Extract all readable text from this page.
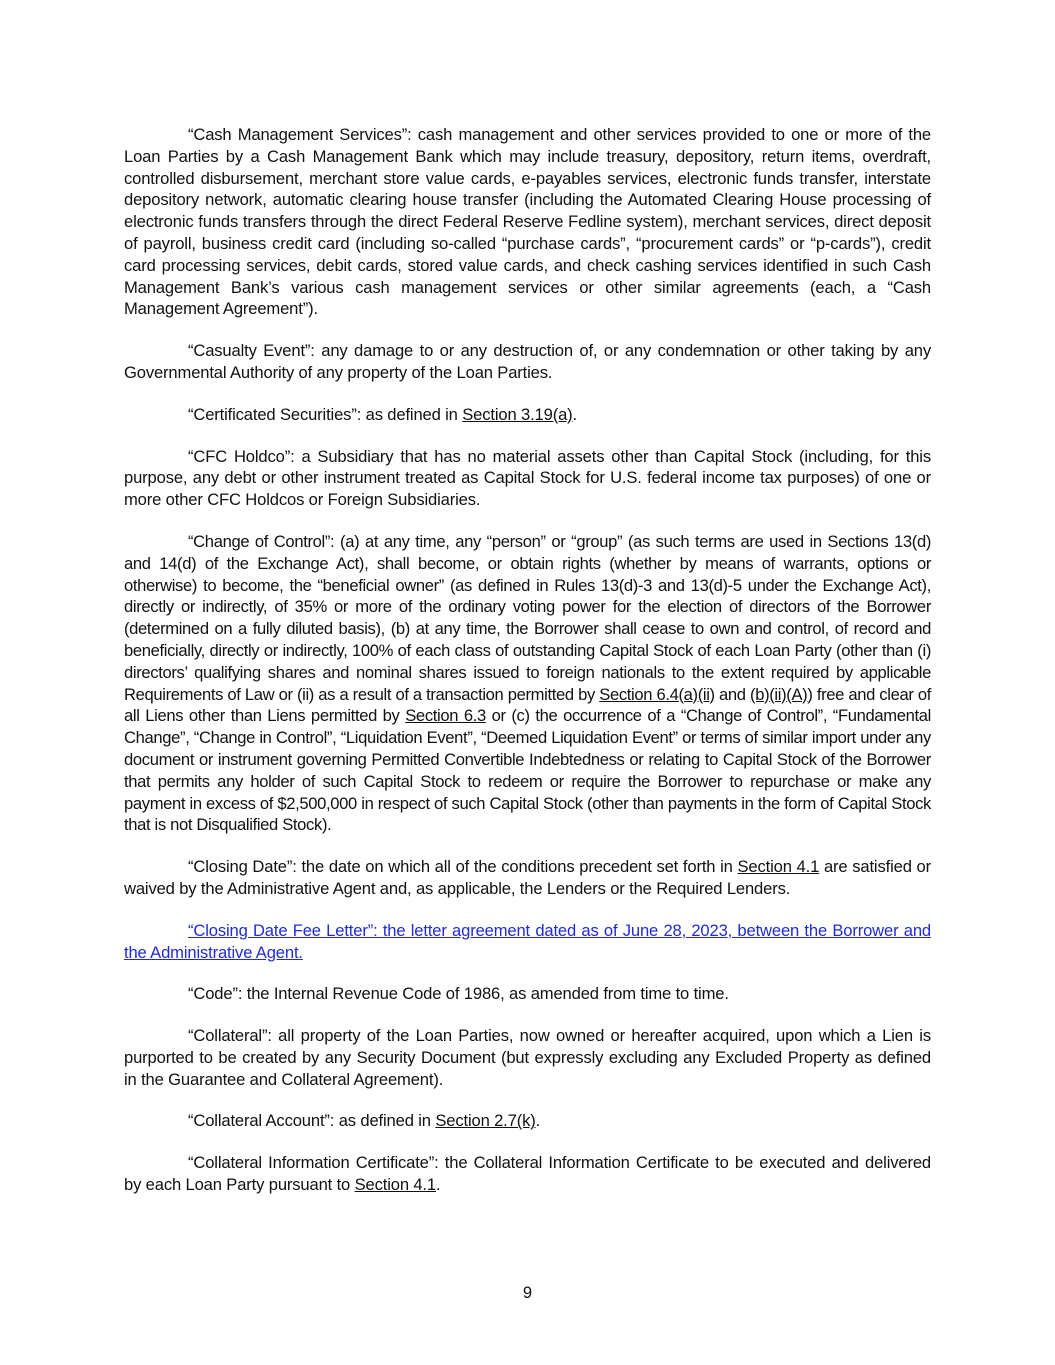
“Cash Management Services”: cash management and other services provided to one or more of the Loan Parties by a Cash Management Bank which may include treasury, depository, return items, overdraft, controlled disbursement, merchant store value cards, e-payables services, electronic funds transfer, interstate depository network, automatic clearing house transfer (including the Automated Clearing House processing of electronic funds transfers through the direct Federal Reserve Fedline system), merchant services, direct deposit of payroll, business credit card (including so-called “purchase cards”, “procurement cards” or “p-cards”), credit card processing services, debit cards, stored value cards, and check cashing services identified in such Cash Management Bank’s various cash management services or other similar agreements (each, a “Cash Management Agreement”).

“Casualty Event”: any damage to or any destruction of, or any condemnation or other taking by any Governmental Authority of any property of the Loan Parties.

“Certificated Securities”: as defined in Section 3.19(a).

“CFC Holdco”: a Subsidiary that has no material assets other than Capital Stock (including, for this purpose, any debt or other instrument treated as Capital Stock for U.S. federal income tax purposes) of one or more other CFC Holdcos or Foreign Subsidiaries.

“Change of Control”: (a) at any time, any “person” or “group” (as such terms are used in Sections 13(d) and 14(d) of the Exchange Act), shall become, or obtain rights (whether by means of warrants, options or otherwise) to become, the “beneficial owner” (as defined in Rules 13(d)-3 and 13(d)-5 under the Exchange Act), directly or indirectly, of 35% or more of the ordinary voting power for the election of directors of the Borrower (determined on a fully diluted basis), (b) at any time, the Borrower shall cease to own and control, of record and beneficially, directly or indirectly, 100% of each class of outstanding Capital Stock of each Loan Party (other than (i) directors’ qualifying shares and nominal shares issued to foreign nationals to the extent required by applicable Requirements of Law or (ii) as a result of a transaction permitted by Section 6.4(a)(ii) and (b)(ii)(A)) free and clear of all Liens other than Liens permitted by Section 6.3 or (c) the occurrence of a “Change of Control”, “Fundamental Change”, “Change in Control”, “Liquidation Event”, “Deemed Liquidation Event” or terms of similar import under any document or instrument governing Permitted Convertible Indebtedness or relating to Capital Stock of the Borrower that permits any holder of such Capital Stock to redeem or require the Borrower to repurchase or make any payment in excess of $2,500,000 in respect of such Capital Stock (other than payments in the form of Capital Stock that is not Disqualified Stock).

“Closing Date”: the date on which all of the conditions precedent set forth in Section 4.1 are satisfied or waived by the Administrative Agent and, as applicable, the Lenders or the Required Lenders.

“Closing Date Fee Letter”: the letter agreement dated as of June 28, 2023, between the Borrower and the Administrative Agent.

“Code”: the Internal Revenue Code of 1986, as amended from time to time.

“Collateral”: all property of the Loan Parties, now owned or hereafter acquired, upon which a Lien is purported to be created by any Security Document (but expressly excluding any Excluded Property as defined in the Guarantee and Collateral Agreement).

“Collateral Account”: as defined in Section 2.7(k).

“Collateral Information Certificate”: the Collateral Information Certificate to be executed and delivered by each Loan Party pursuant to Section 4.1.

9
